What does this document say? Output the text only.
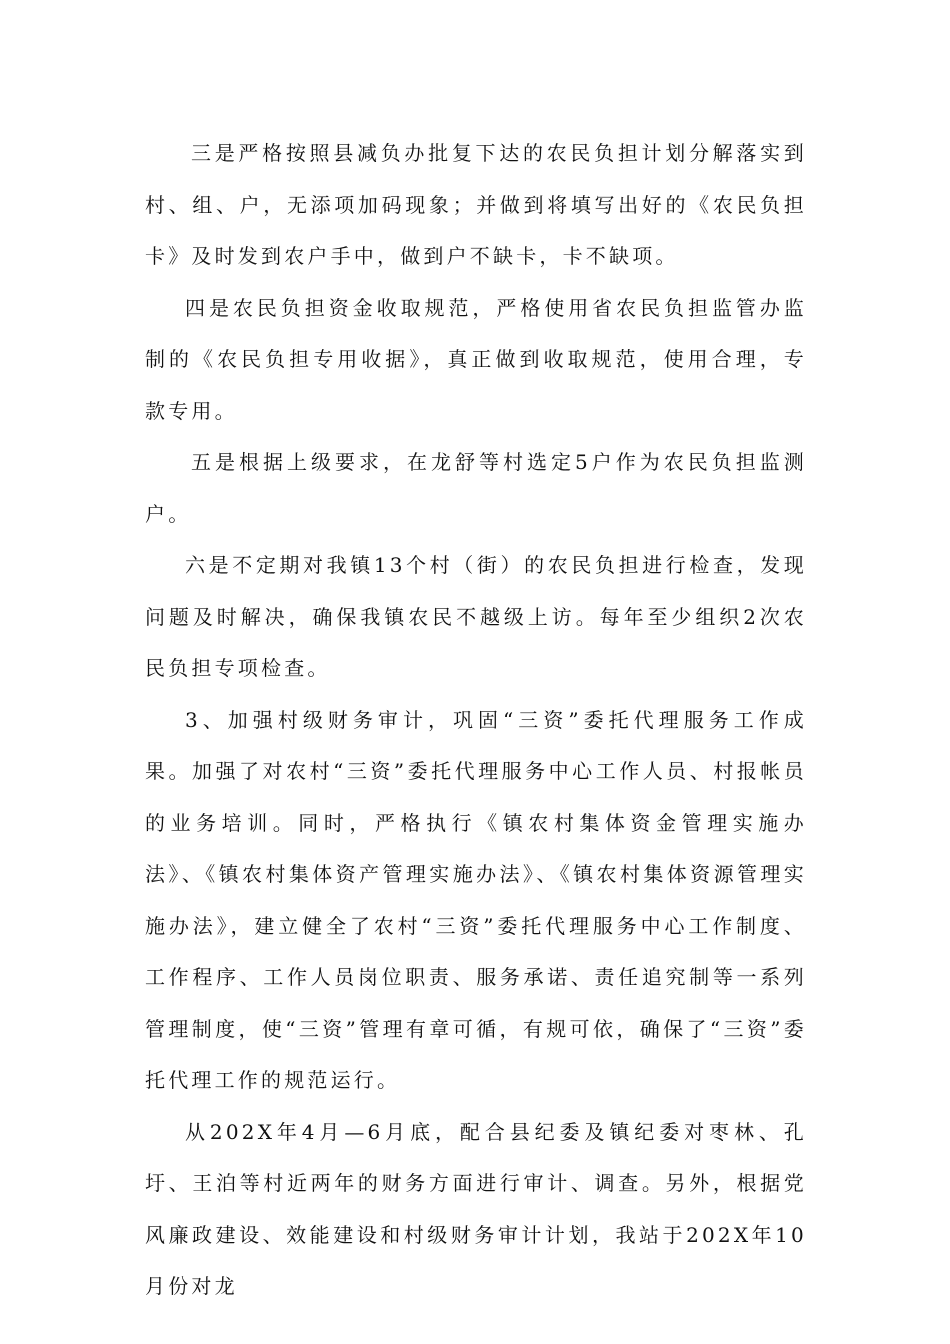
三是严格按照县减负办批复下达的农民负担计划分解落实到村、组、户，无添项加码现象；并做到将填写出好的《农民负担卡》及时发到农户手中，做到户不缺卡，卡不缺项。

四是农民负担资金收取规范，严格使用省农民负担监管办监制的《农民负担专用收据》，真正做到收取规范，使用合理，专款专用。

五是根据上级要求，在龙舒等村选定5户作为农民负担监测户。

六是不定期对我镇13个村（街）的农民负担进行检查，发现问题及时解决，确保我镇农民不越级上访。每年至少组织2次农民负担专项检查。

3、加强村级财务审计，巩固“三资”委托代理服务工作成果。加强了对农村“三资”委托代理服务中心工作人员、村报帐员的业务培训。同时，严格执行《镇农村集体资金管理实施办法》、《镇农村集体资产管理实施办法》、《镇农村集体资源管理实施办法》，建立健全了农村“三资”委托代理服务中心工作制度、工作程序、工作人员岗位职责、服务承诺、责任追究制等一系列管理制度，使“三资”管理有章可循，有规可依，确保了“三资”委托代理工作的规范运行。

从202X年4月—6月底，配合县纪委及镇纪委对枣林、孔圩、王泊等村近两年的财务方面进行审计、调查。另外，根据党风廉政建设、效能建设和村级财务审计计划，我站于202X年10月份对龙
